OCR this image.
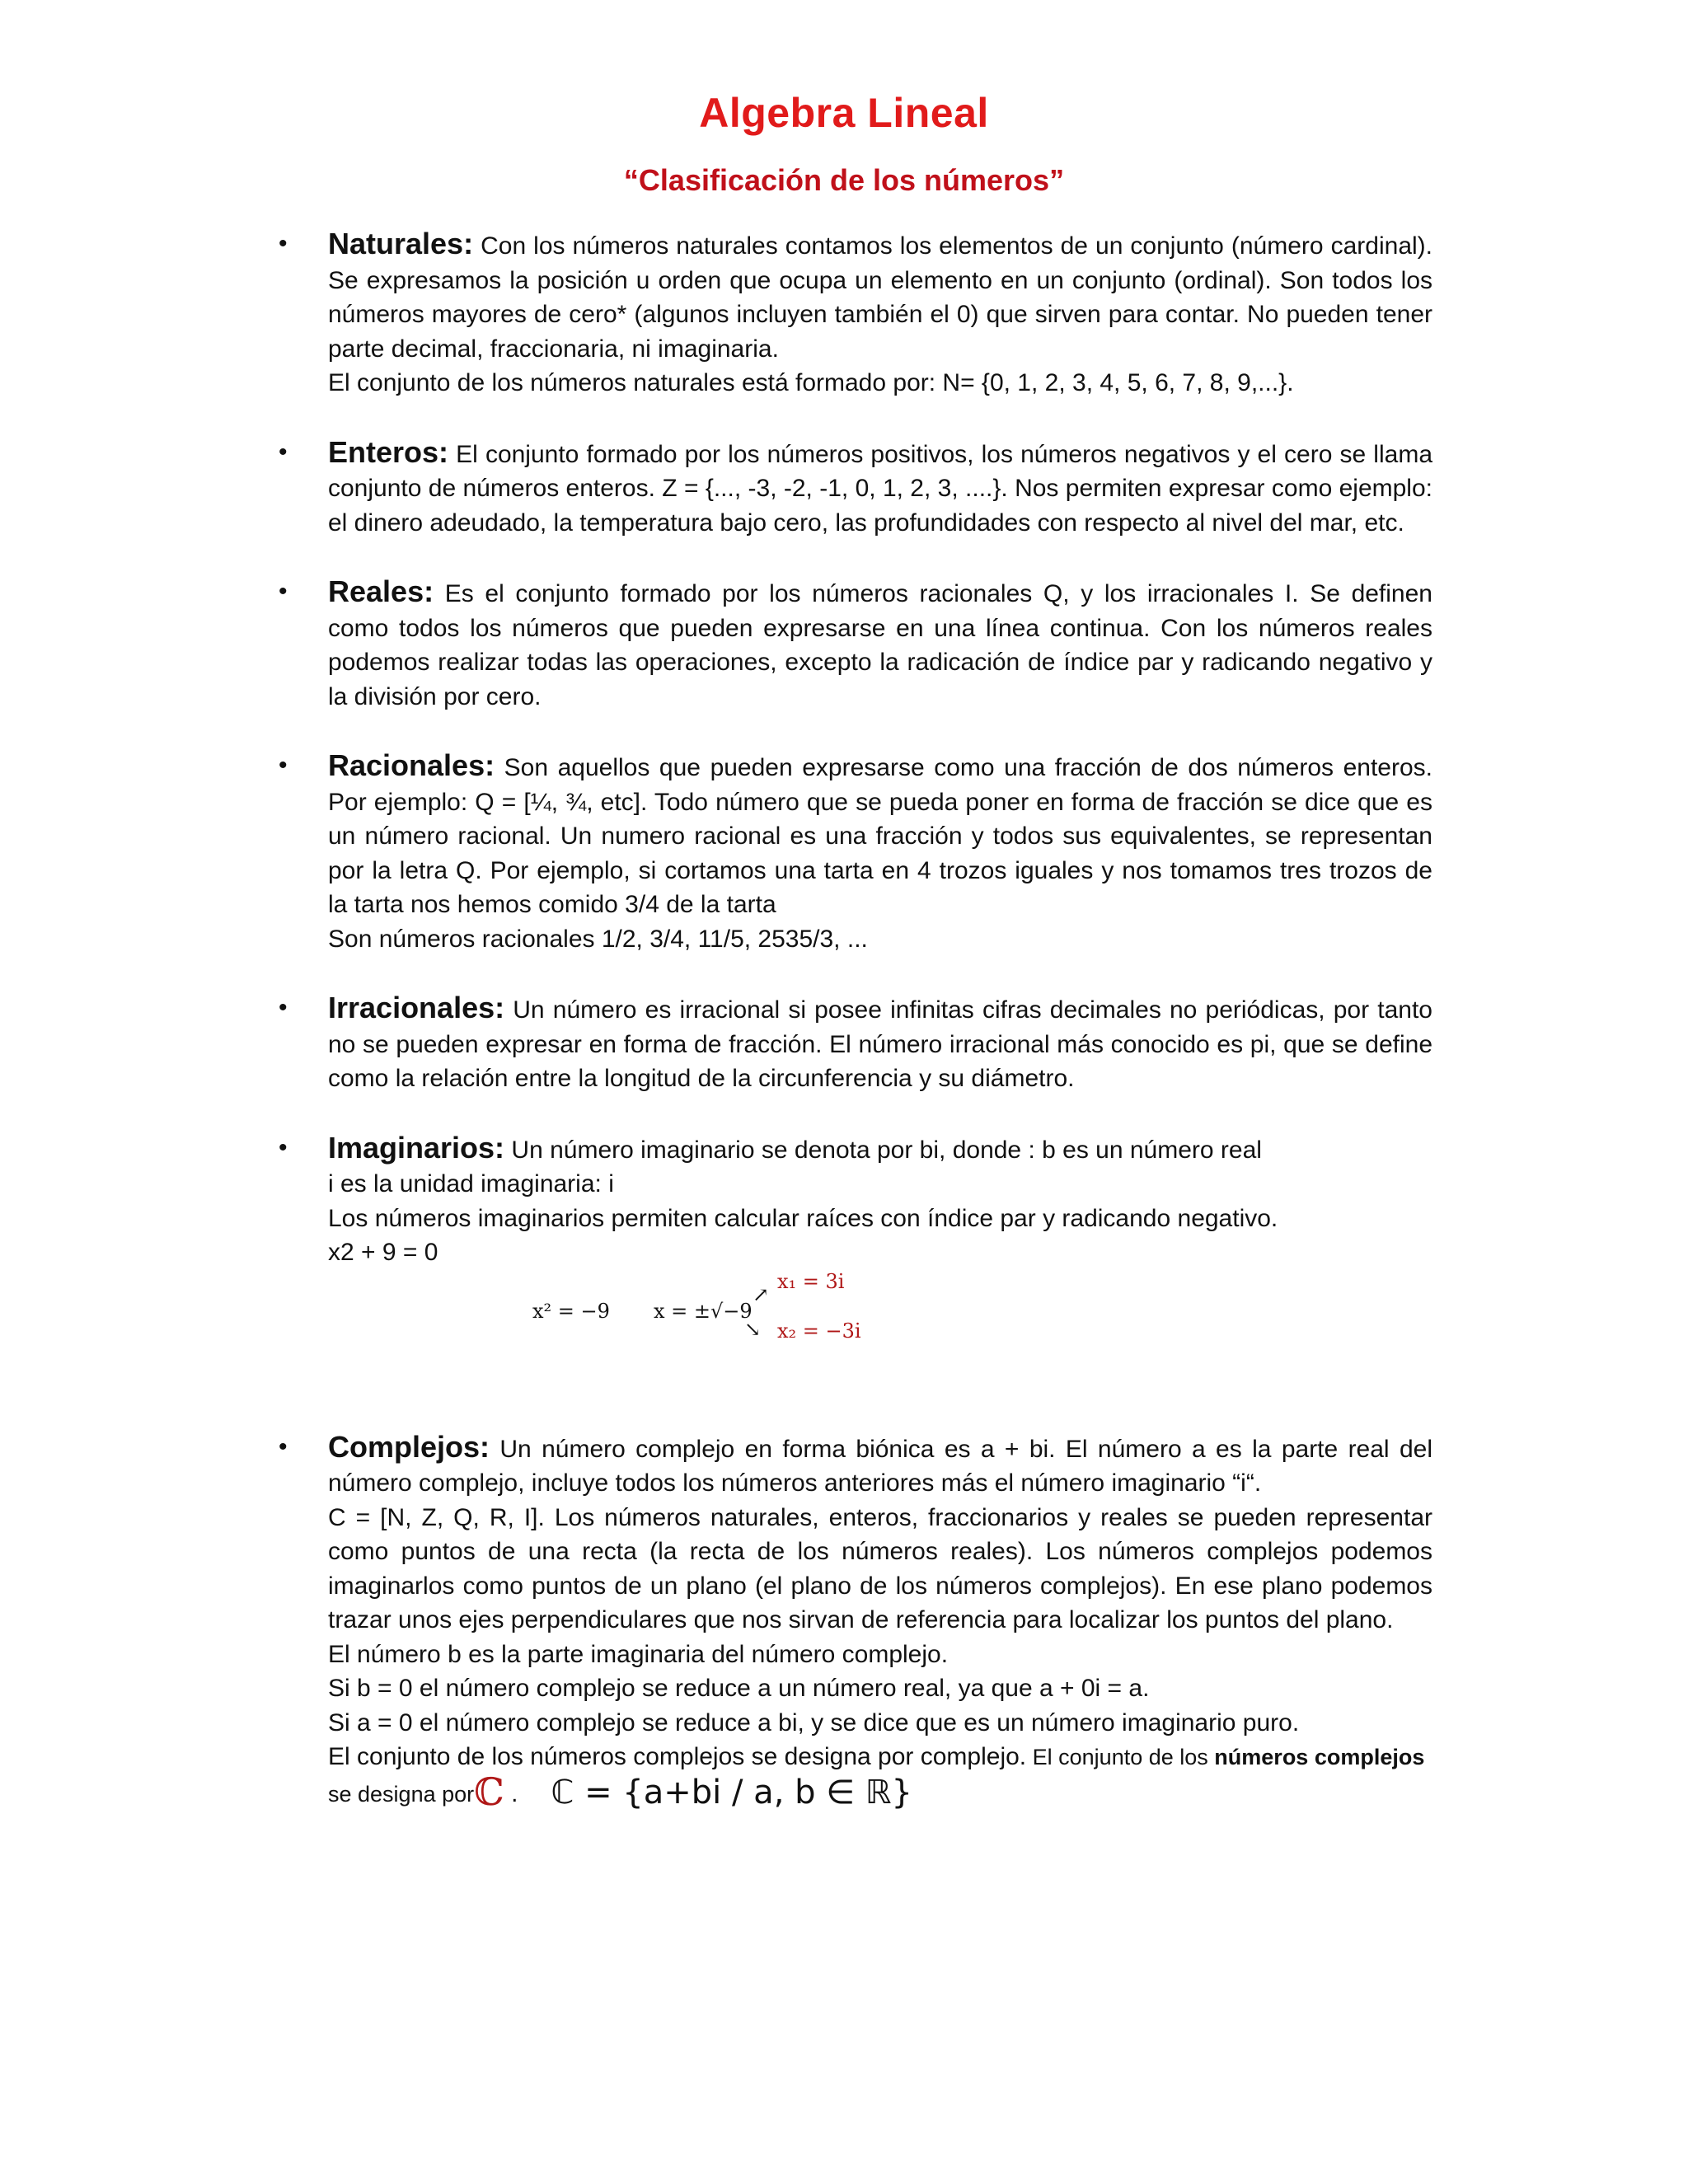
Algebra Lineal
“Clasificación de los números”
• Naturales: Con los números naturales contamos los elementos de un conjunto (número cardinal). Se expresamos la posición u orden que ocupa un elemento en un conjunto (ordinal). Son todos los números mayores de cero* (algunos incluyen también el 0) que sirven para contar. No pueden tener parte decimal, fraccionaria, ni imaginaria.
El conjunto de los números naturales está formado por: N= {0, 1, 2, 3, 4, 5, 6, 7, 8, 9,...}.
• Enteros: El conjunto formado por los números positivos, los números negativos y el cero se llama conjunto de números enteros. Z = {..., -3, -2, -1, 0, 1, 2, 3, ....}. Nos permiten expresar como ejemplo: el dinero adeudado, la temperatura bajo cero, las profundidades con respecto al nivel del mar, etc.
• Reales: Es el conjunto formado por los números racionales Q, y los irracionales I. Se definen como todos los números que pueden expresarse en una línea continua. Con los números reales podemos realizar todas las operaciones, excepto la radicación de índice par y radicando negativo y la división por cero.
• Racionales: Son aquellos que pueden expresarse como una fracción de dos números enteros. Por ejemplo: Q = [¼, ¾, etc]. Todo número que se pueda poner en forma de fracción se dice que es un número racional. Un numero racional es una fracción y todos sus equivalentes, se representan por la letra Q. Por ejemplo, si cortamos una tarta en 4 trozos iguales y nos tomamos tres trozos de la tarta nos hemos comido 3/4 de la tarta
Son números racionales 1/2, 3/4, 11/5, 2535/3, ...
• Irracionales: Un número es irracional si posee infinitas cifras decimales no periódicas, por tanto no se pueden expresar en forma de fracción. El número irracional más conocido es pi, que se define como la relación entre la longitud de la circunferencia y su diámetro.
• Imaginarios: Un número imaginario se denota por bi, donde : b es un número real
i es la unidad imaginaria: i
Los números imaginarios permiten calcular raíces con índice par y radicando negativo.
x2 + 9 = 0
x² = −9 x = ±√−9
↗
x₁ = 3i
↘ x₂ = −3i
• Complejos: Un número complejo en forma biónica es a + bi. El número a es la parte real del número complejo, incluye todos los números anteriores más el número imaginario “i“.
C = [N, Z, Q, R, I]. Los números naturales, enteros, fraccionarios y reales se pueden representar como puntos de una recta (la recta de los números reales). Los números complejos podemos imaginarlos como puntos de un plano (el plano de los números complejos). En ese plano podemos trazar unos ejes perpendiculares que nos sirvan de referencia para localizar los puntos del plano.
El número b es la parte imaginaria del número complejo.
Si b = 0 el número complejo se reduce a un número real, ya que a + 0i = a.
Si a = 0 el número complejo se reduce a bi, y se dice que es un número imaginario puro.
El conjunto de los números complejos se designa por complejo. El conjunto de los números complejos se designa porℂ . ℂ = {a+bi / a, b ∈ ℝ}
